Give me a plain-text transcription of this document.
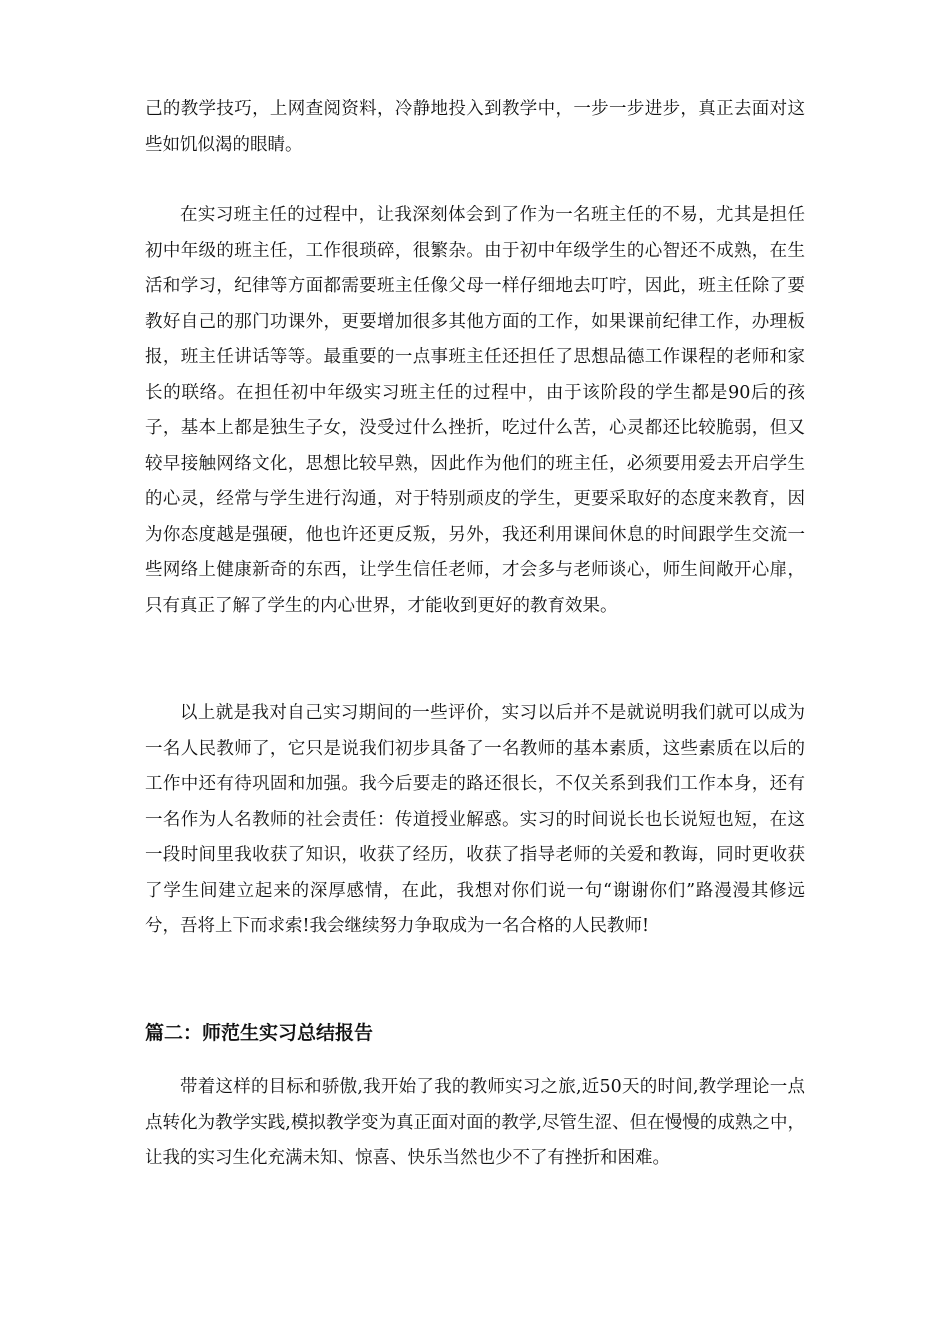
己的教学技巧，上网查阅资料，冷静地投入到教学中，一步一步进步，真正去面对这些如饥似渴的眼睛。

在实习班主任的过程中，让我深刻体会到了作为一名班主任的不易，尤其是担任初中年级的班主任，工作很琐碎，很繁杂。由于初中年级学生的心智还不成熟，在生活和学习，纪律等方面都需要班主任像父母一样仔细地去叮咛，因此，班主任除了要教好自己的那门功课外，更要增加很多其他方面的工作，如果课前纪律工作，办理板报，班主任讲话等等。最重要的一点事班主任还担任了思想品德工作课程的老师和家长的联络。在担任初中年级实习班主任的过程中，由于该阶段的学生都是90后的孩子，基本上都是独生子女，没受过什么挫折，吃过什么苦，心灵都还比较脆弱，但又较早接触网络文化，思想比较早熟，因此作为他们的班主任，必须要用爱去开启学生的心灵，经常与学生进行沟通，对于特别顽皮的学生，更要采取好的态度来教育，因为你态度越是强硬，他也许还更反叛，另外，我还利用课间休息的时间跟学生交流一些网络上健康新奇的东西，让学生信任老师，才会多与老师谈心，师生间敞开心扉，只有真正了解了学生的内心世界，才能收到更好的教育效果。

以上就是我对自己实习期间的一些评价，实习以后并不是就说明我们就可以成为一名人民教师了，它只是说我们初步具备了一名教师的基本素质，这些素质在以后的工作中还有待巩固和加强。我今后要走的路还很长，不仅关系到我们工作本身，还有一名作为人名教师的社会责任：传道授业解惑。实习的时间说长也长说短也短，在这一段时间里我收获了知识，收获了经历，收获了指导老师的关爱和教诲，同时更收获了学生间建立起来的深厚感情，在此，我想对你们说一句“谢谢你们”路漫漫其修远兮，吾将上下而求索!我会继续努力争取成为一名合格的人民教师!

篇二：师范生实习总结报告

带着这样的目标和骄傲,我开始了我的教师实习之旅,近50天的时间,教学理论一点点转化为教学实践,模拟教学变为真正面对面的教学,尽管生涩、但在慢慢的成熟之中，让我的实习生化充满未知、惊喜、快乐当然也少不了有挫折和困难。
